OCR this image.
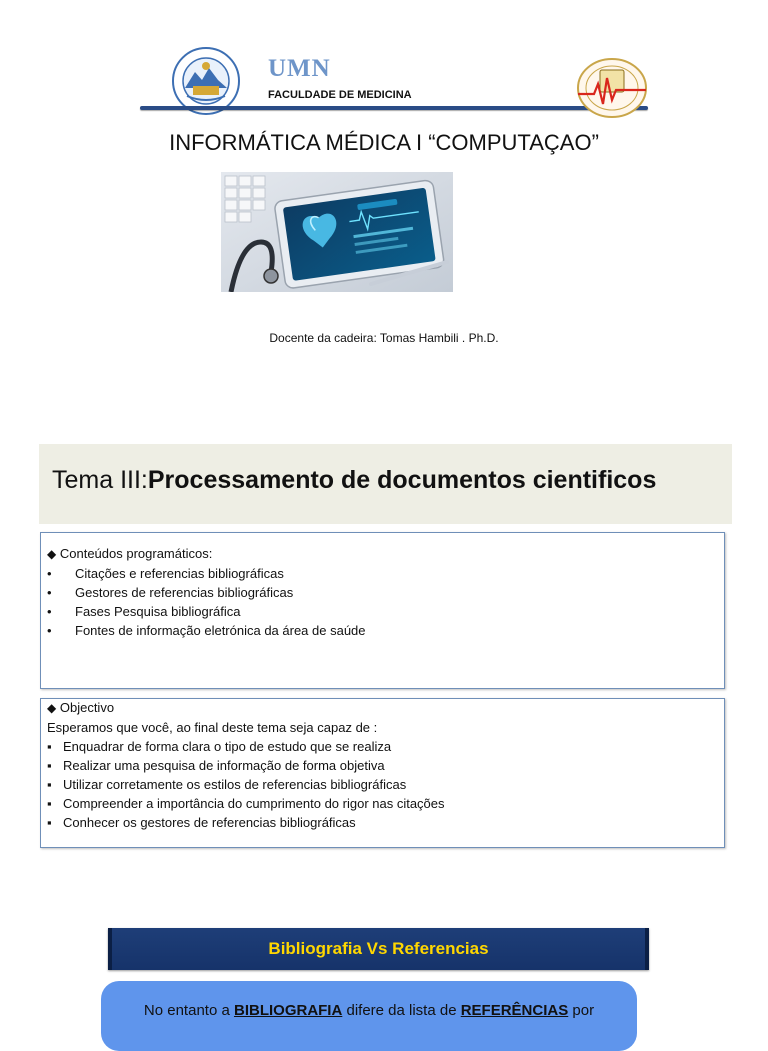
UMN
FACULDADE DE MEDICINA
INFORMÁTICA MÉDICA I “COMPUTAÇAO”
Docente da cadeira: Tomas Hambili . Ph.D.
Tema III:Processamento de documentos cientificos
◆ Conteúdos programáticos:
• Citações e referencias bibliográficas
• Gestores de referencias bibliográficas
• Fases Pesquisa bibliográfica
• Fontes de informação eletrónica da área de saúde
◆ Objectivo
Esperamos que você, ao final deste tema seja capaz de :
▪ Enquadrar de forma clara o tipo de estudo que se realiza
▪ Realizar uma pesquisa de informação de forma objetiva
▪ Utilizar corretamente os estilos de referencias bibliográficas
▪ Compreender a importância do cumprimento do rigor nas citações
▪ Conhecer os gestores de referencias bibliográficas
Bibliografia Vs Referencias
No entanto a BIBLIOGRAFIA difere da lista de REFERÊNCIAS por
